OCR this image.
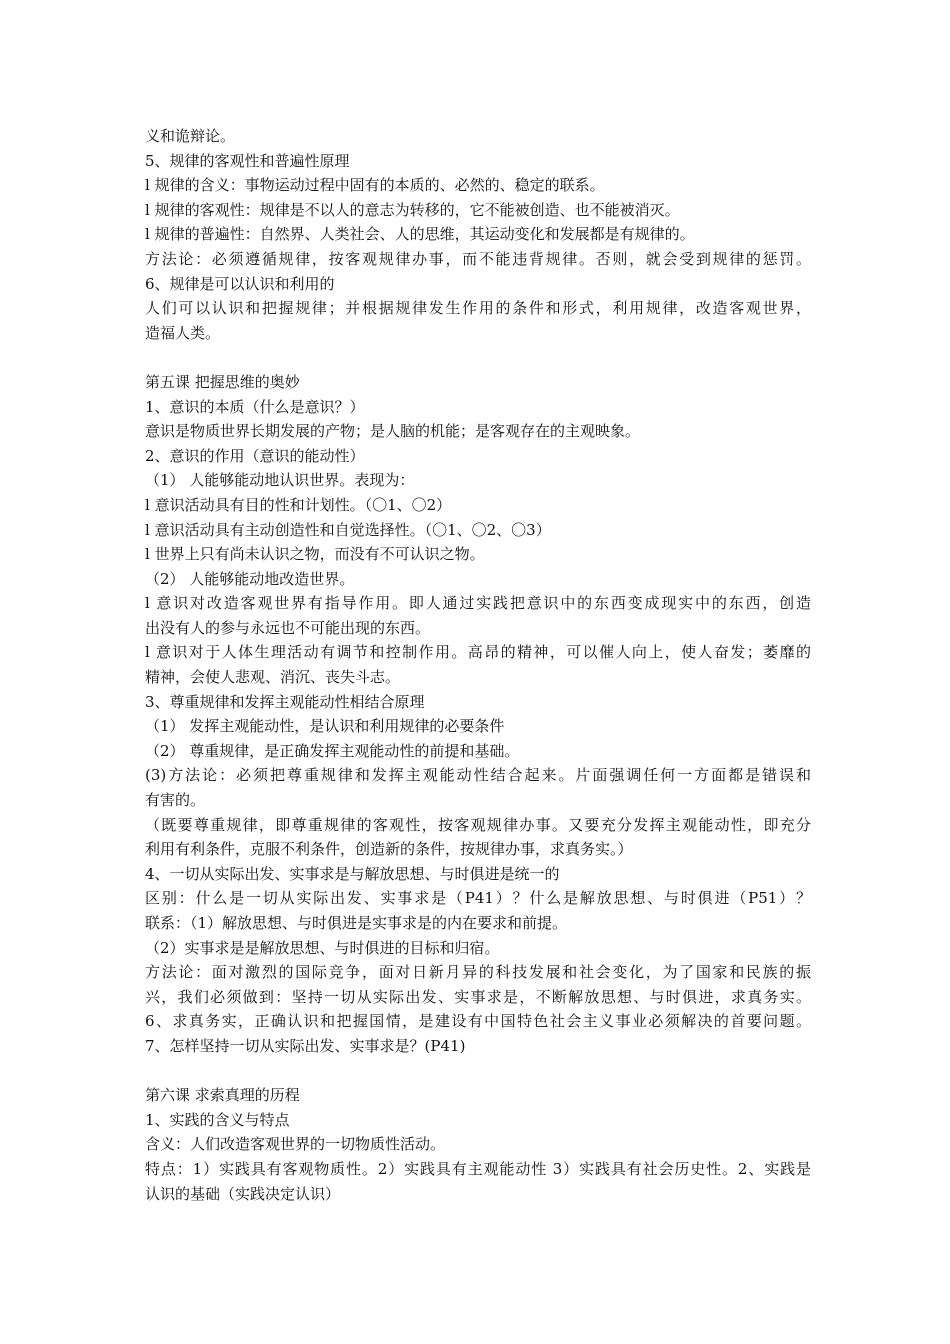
义和诡辩论。
5、规律的客观性和普遍性原理
l 规律的含义：事物运动过程中固有的本质的、必然的、稳定的联系。
l 规律的客观性：规律是不以人的意志为转移的，它不能被创造、也不能被消灭。
l 规律的普遍性：自然界、人类社会、人的思维，其运动变化和发展都是有规律的。
方法论：必须遵循规律，按客观规律办事，而不能违背规律。否则，就会受到规律的惩罚。
6、规律是可以认识和利用的
人们可以认识和把握规律；并根据规律发生作用的条件和形式，利用规律，改造客观世界，
造福人类。
第五课 把握思维的奥妙
1、意识的本质（什么是意识？）
意识是物质世界长期发展的产物；是人脑的机能；是客观存在的主观映象。
2、意识的作用（意识的能动性）
（1） 人能够能动地认识世界。表现为：
l 意识活动具有目的性和计划性。（〇1、〇2）
l 意识活动具有主动创造性和自觉选择性。（〇1、〇2、〇3）
l 世界上只有尚未认识之物，而没有不可认识之物。
（2） 人能够能动地改造世界。
l 意识对改造客观世界有指导作用。即人通过实践把意识中的东西变成现实中的东西，创造
出没有人的参与永远也不可能出现的东西。
l 意识对于人体生理活动有调节和控制作用。高昂的精神，可以催人向上，使人奋发；萎靡的
精神，会使人悲观、消沉、丧失斗志。
3、尊重规律和发挥主观能动性相结合原理
（1） 发挥主观能动性，是认识和利用规律的必要条件
（2） 尊重规律，是正确发挥主观能动性的前提和基础。
(3)方法论：必须把尊重规律和发挥主观能动性结合起来。片面强调任何一方面都是错误和
有害的。
（既要尊重规律，即尊重规律的客观性，按客观规律办事。又要充分发挥主观能动性，即充分
利用有利条件，克服不利条件，创造新的条件，按规律办事，求真务实。）
4、一切从实际出发、实事求是与解放思想、与时俱进是统一的
区别：什么是一切从实际出发、实事求是（P41）？什么是解放思想、与时俱进（P51）？
联系：（1）解放思想、与时俱进是实事求是的内在要求和前提。
（2）实事求是是解放思想、与时俱进的目标和归宿。
方法论：面对激烈的国际竞争，面对日新月异的科技发展和社会变化，为了国家和民族的振
兴，我们必须做到：坚持一切从实际出发、实事求是，不断解放思想、与时俱进，求真务实。
6、求真务实，正确认识和把握国情，是建设有中国特色社会主义事业必须解决的首要问题。
7、怎样坚持一切从实际出发、实事求是？(P41)
第六课 求索真理的历程
1、实践的含义与特点
含义：人们改造客观世界的一切物质性活动。
特点：1）实践具有客观物质性。2）实践具有主观能动性 3）实践具有社会历史性。2、实践是
认识的基础（实践决定认识）
